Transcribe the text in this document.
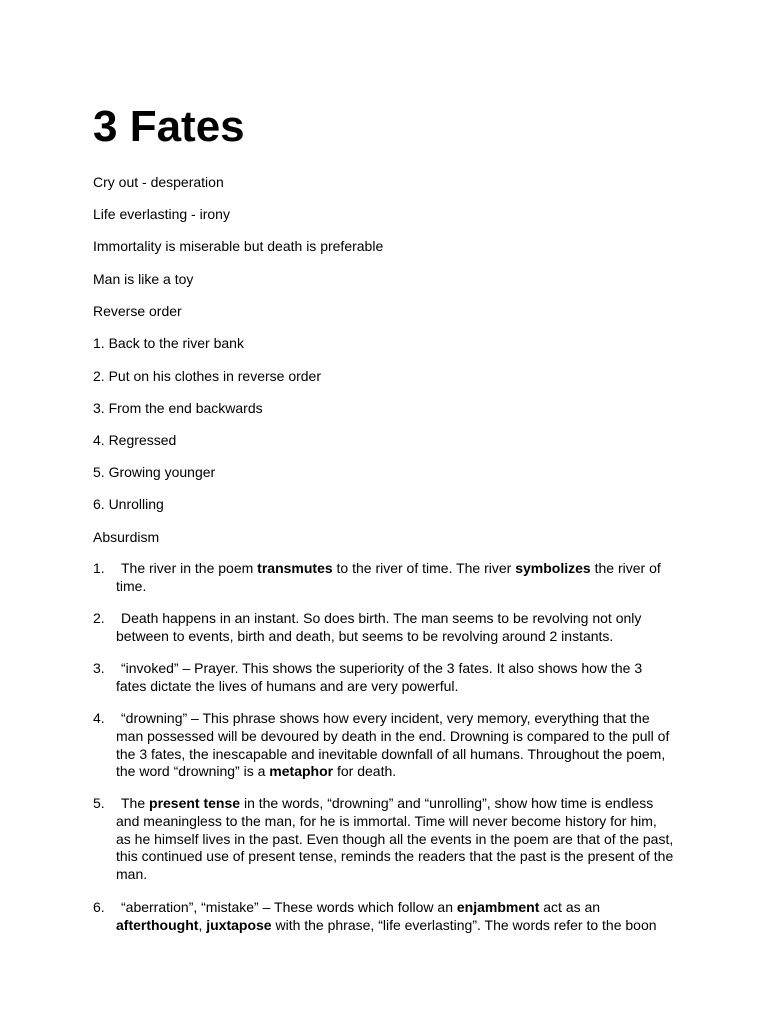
3 Fates
Cry out - desperation
Life everlasting - irony
Immortality is miserable but death is preferable
Man is like a toy
Reverse order
1. Back to the river bank
2. Put on his clothes in reverse order
3. From the end backwards
4. Regressed
5. Growing younger
6. Unrolling
Absurdism
1.	The river in the poem transmutes to the river of time. The river symbolizes the river of time.
2.	Death happens in an instant. So does birth. The man seems to be revolving not only between to events, birth and death, but seems to be revolving around 2 instants.
3.	“invoked” – Prayer. This shows the superiority of the 3 fates. It also shows how the 3 fates dictate the lives of humans and are very powerful.
4.	“drowning” – This phrase shows how every incident, very memory, everything that the man possessed will be devoured by death in the end. Drowning is compared to the pull of the 3 fates, the inescapable and inevitable downfall of all humans. Throughout the poem, the word “drowning” is a metaphor for death.
5.	The present tense in the words, “drowning” and “unrolling”, show how time is endless and meaningless to the man, for he is immortal. Time will never become history for him, as he himself lives in the past. Even though all the events in the poem are that of the past, this continued use of present tense, reminds the readers that the past is the present of the man.
6.	“aberration”, “mistake” – These words which follow an enjambment act as an afterthought, juxtapose with the phrase, “life everlasting”. The words refer to the boon
